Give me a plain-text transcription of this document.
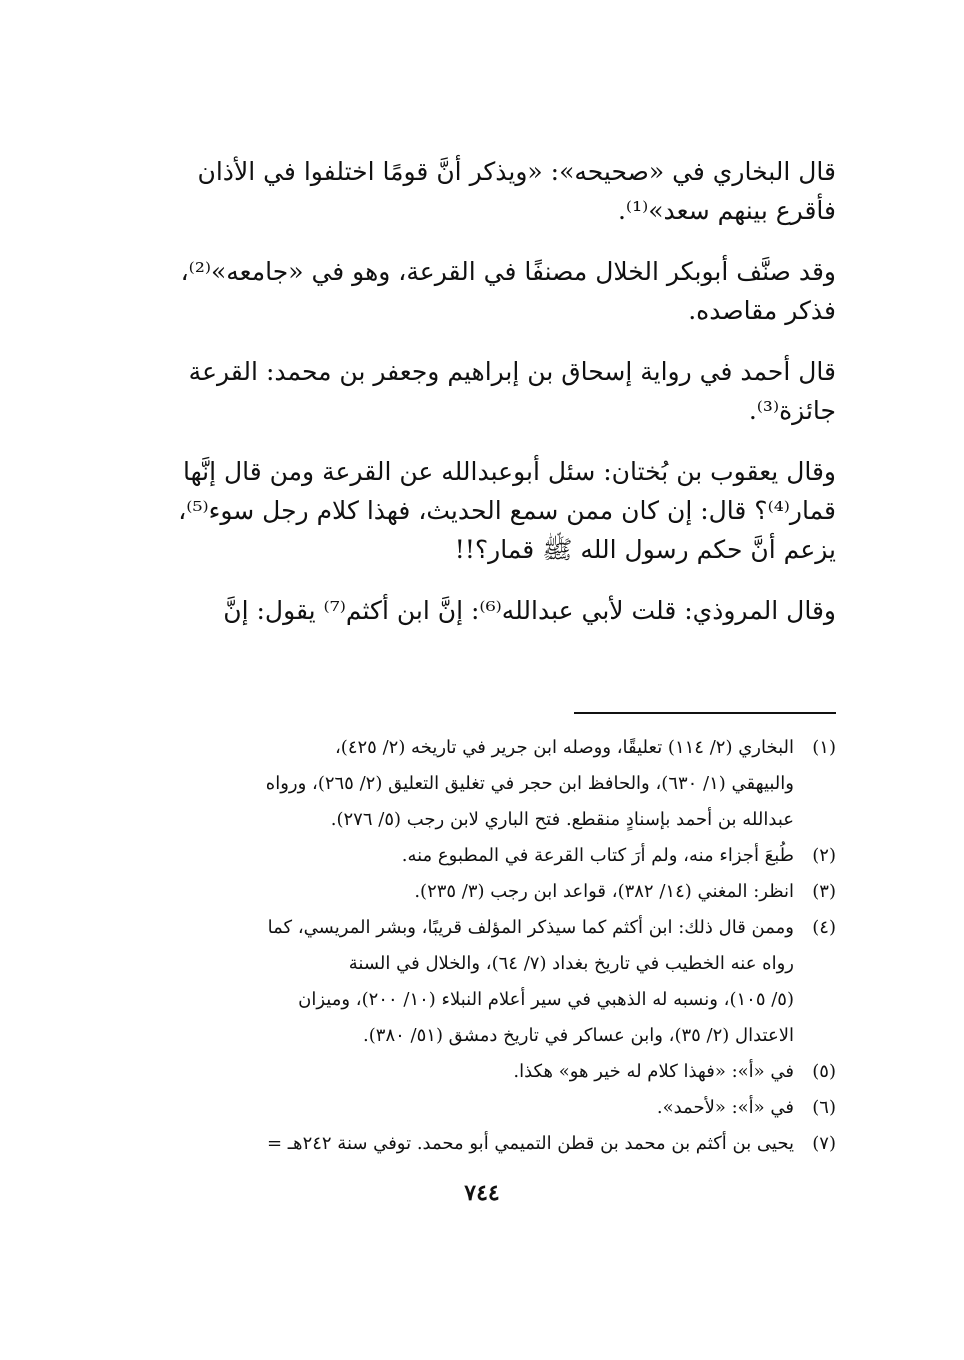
قال البخاري في «صحيحه»: «ويذكر أنَّ قومًا اختلفوا في الأذان
فأقرع بينهم سعد»⁽¹⁾.

وقد صنَّف أبوبكر الخلال مصنفًا في القرعة، وهو في «جامعه»⁽²⁾،
فذكر مقاصده.

قال أحمد في رواية إسحاق بن إبراهيم وجعفر بن محمد: القرعة
جائزة⁽³⁾.

وقال يعقوب بن بُختان: سئل أبوعبدالله عن القرعة ومن قال إنَّها
قمار⁽⁴⁾؟ قال: إن كان ممن سمع الحديث، فهذا كلام رجل سوء⁽⁵⁾،
يزعم أنَّ حكم رسول الله ﷺ قمار؟!!

وقال المروذي: قلت لأبي عبدالله⁽⁶⁾: إنَّ ابن أكثم⁽⁷⁾ يقول: إنَّ

(١)
البخاري (٢/ ١١٤) تعليقًا، ووصله ابن جرير في تاريخه (٢/ ٤٢٥)،
والبيهقي (١/ ٦٣٠)، والحافظ ابن حجر في تغليق التعليق (٢/ ٢٦٥)، ورواه
عبدالله بن أحمد بإسنادٍ منقطع. فتح الباري لابن رجب (٥/ ٢٧٦).
(٢)
طُبعَ أجزاء منه، ولم أرَ كتاب القرعة في المطبوع منه.
(٣)
انظر: المغني (١٤/ ٣٨٢)، قواعد ابن رجب (٣/ ٢٣٥).
(٤)
وممن قال ذلك: ابن أكثم كما سيذكر المؤلف قريبًا، وبشر المريسي، كما
رواه عنه الخطيب في تاريخ بغداد (٧/ ٦٤)، والخلال في السنة
(٥/ ١٠٥)، ونسبه له الذهبي في سير أعلام النبلاء (١٠/ ٢٠٠)، وميزان
الاعتدال (٢/ ٣٥)، وابن عساكر في تاريخ دمشق (٥١/ ٣٨٠).
(٥)
في «أ»: «فهذا كلام له خير هو» هكذا.
(٦)
في «أ»: «لأحمد».
(٧)
يحيى بن أكثم بن محمد بن قطن التميمي أبو محمد. توفي سنة ٢٤٢هـ =
٧٤٤
